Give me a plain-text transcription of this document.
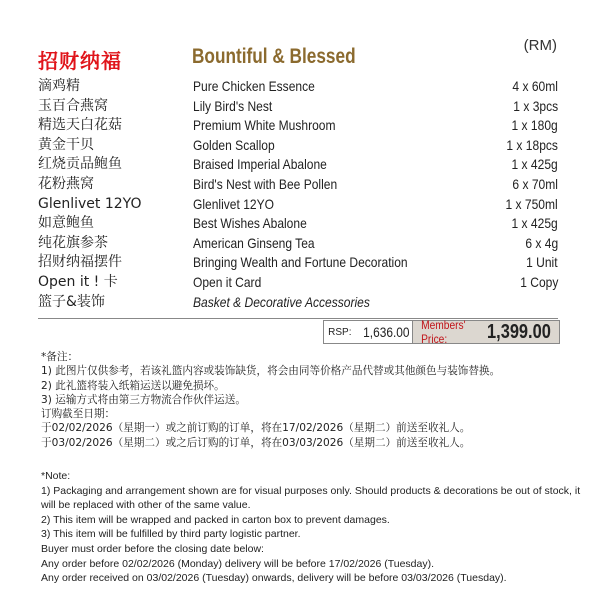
(RM)
招财纳福	Bountiful & Blessed
滴鸡精	Pure Chicken Essence	4 x 60ml
玉百合燕窝	Lily Bird's Nest	1 x 3pcs
精选天白花菇	Premium White Mushroom	1 x 180g
黄金干贝	Golden Scallop	1 x 18pcs
红烧贡品鲍鱼	Braised Imperial Abalone	1 x 425g
花粉燕窝	Bird's Nest with Bee Pollen	6 x 70ml
Glenlivet 12YO	Glenlivet 12YO	1 x 750ml
如意鲍鱼	Best Wishes Abalone	1 x 425g
纯花旗参茶	American Ginseng Tea	6 x 4g
招财纳福摆件	Bringing Wealth and Fortune Decoration	1 Unit
Open it ! 卡	Open it Card	1 Copy
篮子&装饰	Basket & Decorative Accessories
RSP: 1,636.00 Members' Price:	1,399.00
*备注：
1) 此图片仅供参考，若该礼篮内容或装饰缺货，将会由同等价格产品代替或其他颜色与装饰替换。
2) 此礼篮将装入纸箱运送以避免损坏。
3) 运输方式将由第三方物流合作伙伴运送。
订购截至日期：
于02/02/2026（星期一）或之前订购的订单，将在17/02/2026（星期二）前送至收礼人。
于03/02/2026（星期二）或之后订购的订单，将在03/03/2026（星期二）前送至收礼人。
*Note:
1) Packaging and arrangement shown are for visual purposes only. Should products & decorations be out of stock, it
will be replaced with other of the same value.
2) This item will be wrapped and packed in carton box to prevent damages.
3) This item will be fulfilled by third party logistic partner.
Buyer must order before the closing date below:
Any order before 02/02/2026 (Monday) delivery will be before 17/02/2026 (Tuesday).
Any order received on 03/02/2026 (Tuesday) onwards, delivery will be before 03/03/2026 (Tuesday).
